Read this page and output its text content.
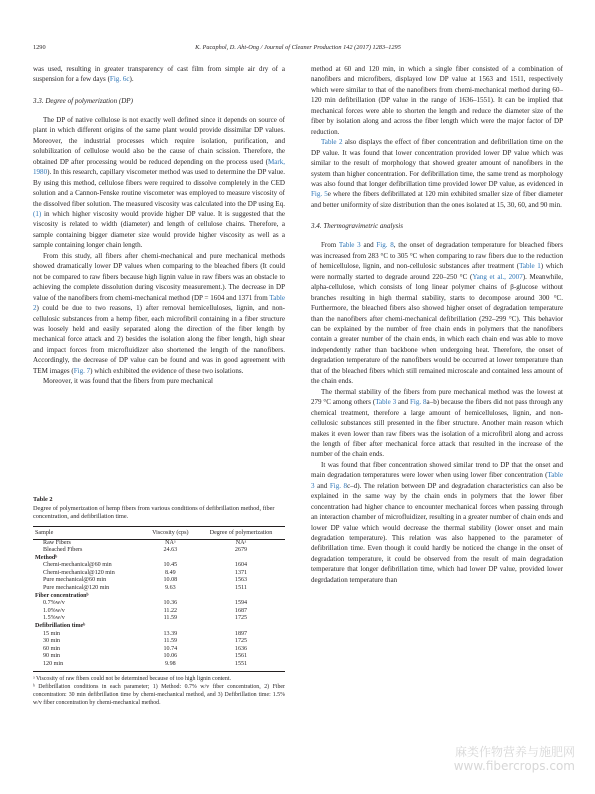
1290	K. Pacaphol, D. Aht-Ong / Journal of Cleaner Production 142 (2017) 1283–1295

was used, resulting in greater transparency of cast film from simple air dry of a suspension for a few days (Fig. 6c).

3.3. Degree of polymerization (DP)

The DP of native cellulose is not exactly well defined since it depends on source of plant in which different origins of the same plant would provide dissimilar DP values. Moreover, the industrial processes which require isolation, purification, and solubilization of cellulose would also be the cause of chain scission. Therefore, the obtained DP after processing would be reduced depending on the process used (Mark, 1980). In this research, capillary viscometer method was used to determine the DP value. By using this method, cellulose fibers were required to dissolve completely in the CED solution and a Cannon-Fenske routine viscometer was employed to measure viscosity of the dissolved fiber solution. The measured viscosity was calculated into the DP using Eq. (1) in which higher viscosity would provide higher DP value. It is suggested that the viscosity is related to width (diameter) and length of cellulose chains. Therefore, a sample containing bigger diameter size would provide higher viscosity as well as a sample containing longer chain length.

From this study, all fibers after chemi-mechanical and pure mechanical methods showed dramatically lower DP values when comparing to the bleached fibers (It could not be compared to raw fibers because high lignin value in raw fibers was an obstacle to achieving the complete dissolution during viscosity measurement.). The decrease in DP value of the nanofibers from chemi-mechanical method (DP = 1604 and 1371 from Table 2) could be due to two reasons, 1) after removal hemicelluloses, lignin, and non-cellulosic substances from a hemp fiber, each microfibril containing in a fiber structure was loosely held and easily separated along the direction of the fiber length by mechanical force attack and 2) besides the isolation along the fiber length, high shear and impact forces from microfluidizer also shortened the length of the nanofibers. Accordingly, the decrease of DP value can be found and was in good agreement with TEM images (Fig. 7) which exhibited the evidence of these two isolations.

Moreover, it was found that the fibers from pure mechanical

Table 2
Degree of polymerization of hemp fibers from various conditions of defibrillation method, fiber concentration, and defibrillation time.
Sample	Viscosity (cps)	Degree of polymerization
Raw Fibers	NAᵃ	NAᵃ
Bleached Fibers	24.63	2679
Methodᵇ		
Chemi-mechanical@60 min	10.45	1604
Chemi-mechanical@120 min	8.49	1371
Pure mechanical@60 min	10.08	1563
Pure mechanical@120 min	9.63	1511
Fiber concentrationᵇ		
0.7%w/v	10.36	1594
1.0%w/v	11.22	1687
1.5%w/v	11.59	1725
Defibrillation timeᵇ		
15 min	13.39	1897
30 min	11.59	1725
60 min	10.74	1636
90 min	10.06	1561
120 min	9.98	1551

ᵃ Viscosity of raw fibers could not be determined because of too high lignin content.

ᵇ Defibrillation conditions in each parameter; 1) Method: 0.7% w/v fiber concentration, 2) Fiber concentration: 30 min defibrillation time by chemi-mechanical method, and 3) Defibrillation time: 1.5% w/v fiber concentration by chemi-mechanical method.

method at 60 and 120 min, in which a single fiber consisted of a combination of nanofibers and microfibers, displayed low DP value at 1563 and 1511, respectively which were similar to that of the nanofibers from chemi-mechanical method during 60–120 min defibrillation (DP value in the range of 1636–1551). It can be implied that mechanical forces were able to shorten the length and reduce the diameter size of the fiber by isolation along and across the fiber length which were the major factor of DP reduction.

Table 2 also displays the effect of fiber concentration and defibrillation time on the DP value. It was found that lower concentration provided lower DP value which was similar to the result of morphology that showed greater amount of nanofibers in the system than higher concentration. For defibrillation time, the same trend as morphology was also found that longer defibrillation time provided lower DP value, as evidenced in Fig. 5e where the fibers defibrillated at 120 min exhibited smaller size of fiber diameter and better uniformity of size distribution than the ones isolated at 15, 30, 60, and 90 min.

3.4. Thermogravimetric analysis

From Table 3 and Fig. 8, the onset of degradation temperature for bleached fibers was increased from 283 °C to 305 °C when comparing to raw fibers due to the reduction of hemicellulose, lignin, and non-cellulosic substances after treatment (Table 1) which were normally started to degrade around 220–250 °C (Yang et al., 2007). Meanwhile, alpha-cellulose, which consists of long linear polymer chains of β-glucose without branches resulting in high thermal stability, starts to decompose around 300 °C. Furthermore, the bleached fibers also showed higher onset of degradation temperature than the nanofibers after chemi-mechanical defibrillation (292–299 °C). This behavior can be explained by the number of free chain ends in polymers that the nanofibers contain a greater number of the chain ends, in which each chain end was able to move independently rather than backbone when undergoing heat. Therefore, the onset of degradation temperature of the nanofibers would be occurred at lower temperature than that of the bleached fibers which still remained microscale and contained less amount of the chain ends.

The thermal stability of the fibers from pure mechanical method was the lowest at 279 °C among others (Table 3 and Fig. 8a–b) because the fibers did not pass through any chemical treatment, therefore a large amount of hemicelluloses, lignin, and non-cellulosic substances still presented in the fiber structure. Another main reason which makes it even lower than raw fibers was the isolation of a microfibril along and across the length of fiber after mechanical force attack that resulted in the increase of the number of the chain ends.

It was found that fiber concentration showed similar trend to DP that the onset and main degradation temperatures were lower when using lower fiber concentration (Table 3 and Fig. 8c–d). The relation between DP and degradation characteristics can also be explained in the same way by the chain ends in polymers that the lower fiber concentration had higher chance to encounter mechanical forces when passing through an interaction chamber of microfluidizer, resulting in a greater number of chain ends and lower DP value which would decrease the thermal stability (lower onset and main degradation temperature). This relation was also happened to the parameter of defibrillation time. Even though it could hardly be noticed the change in the onset of degradation temperature, it could be observed from the result of main degradation temperature that longer defibrillation time, which had lower DP value, provided lower degrdadation temperature than

麻类作物营养与施肥网
www.fibercrops.com
